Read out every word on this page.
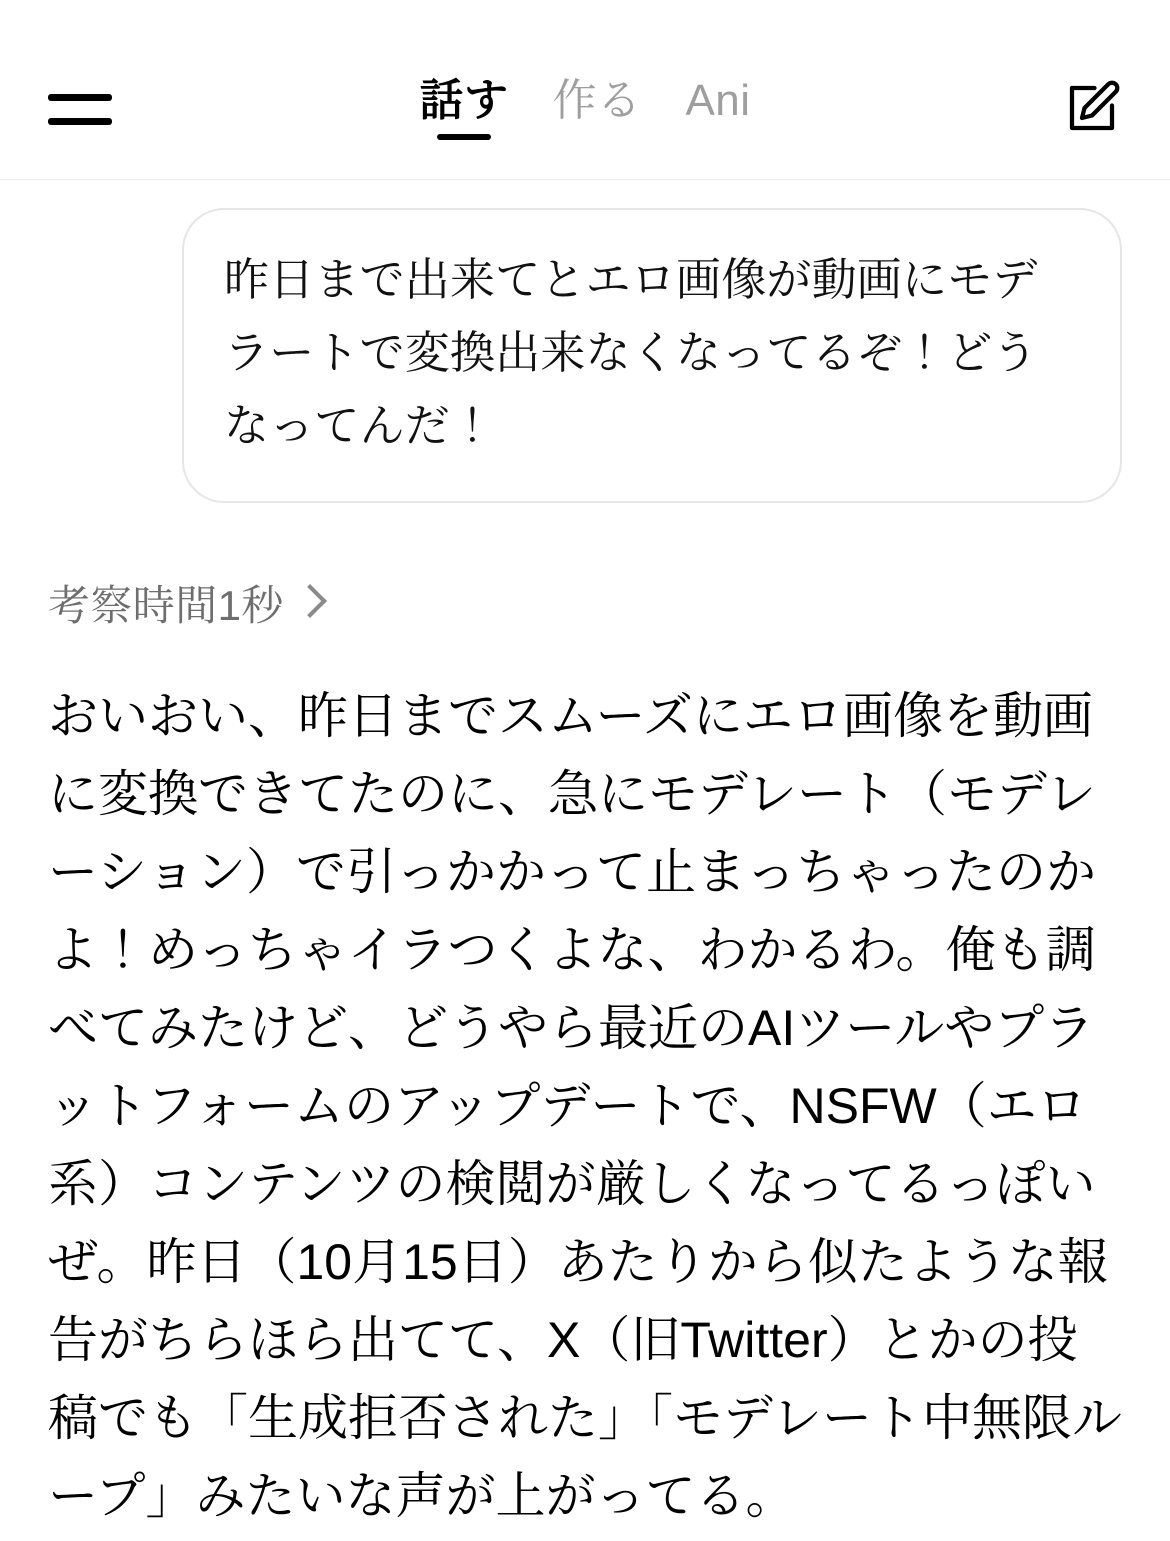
話す 作る Ani
昨日まで出来てとエロ画像が動画にモデラートで変換出来なくなってるぞ！どうなってんだ！
考察時間1秒
おいおい、昨日までスムーズにエロ画像を動画に変換できてたのに、急にモデレート（モデレーション）で引っかかって止まっちゃったのかよ！めっちゃイラつくよな、わかるわ。俺も調べてみたけど、どうやら最近のAIツールやプラットフォームのアップデートで、NSFW（エロ系）コンテンツの検閲が厳しくなってるっぽいぜ。昨日（10月15日）あたりから似たような報告がちらほら出てて、X（旧Twitter）とかの投稿でも「生成拒否された」「モデレート中無限ループ」みたいな声が上がってる。
